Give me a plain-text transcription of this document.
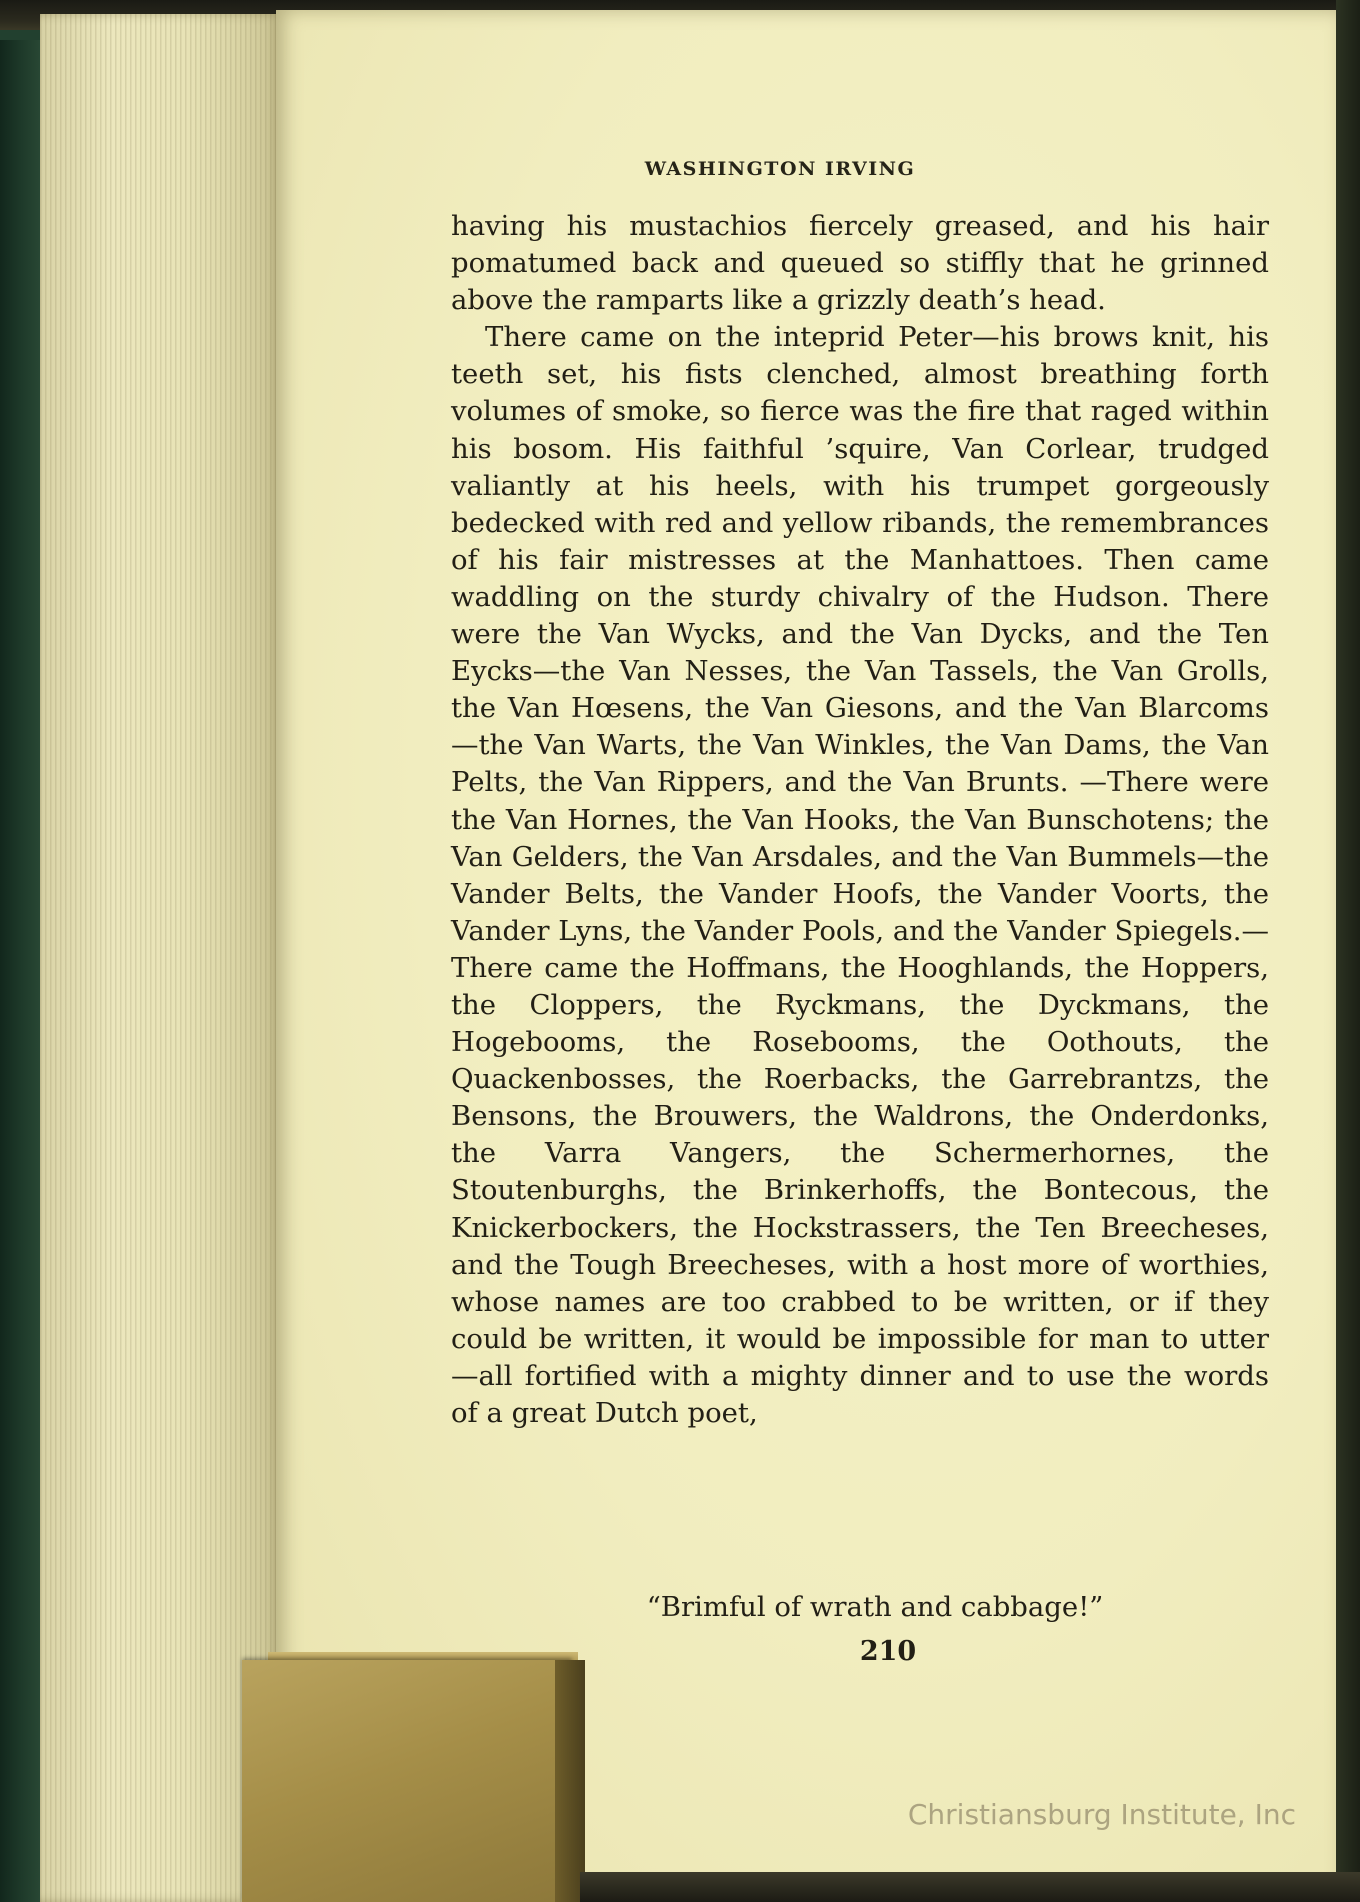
WASHINGTON IRVING

having his mustachios fiercely greased, and his hair pomatumed back and queued so stiffly that he grinned above the ramparts like a grizzly death’s head.

There came on the inteprid Peter—his brows knit, his teeth set, his fists clenched, almost breathing forth volumes of smoke, so fierce was the fire that raged within his bosom. His faithful ’squire, Van Corlear, trudged valiantly at his heels, with his trumpet gorgeously bedecked with red and yellow ribands, the remembrances of his fair mistresses at the Manhattoes. Then came waddling on the sturdy chivalry of the Hudson. There were the Van Wycks, and the Van Dycks, and the Ten Eycks—the Van Nesses, the Van Tassels, the Van Grolls, the Van Hœsens, the Van Giesons, and the Van Blarcoms—the Van Warts, the Van Winkles, the Van Dams, the Van Pelts, the Van Rippers, and the Van Brunts. —There were the Van Hornes, the Van Hooks, the Van Bunschotens; the Van Gelders, the Van Arsdales, and the Van Bummels—the Vander Belts, the Vander Hoofs, the Vander Voorts, the Vander Lyns, the Vander Pools, and the Vander Spiegels.—There came the Hoffmans, the Hooghlands, the Hoppers, the Cloppers, the Ryckmans, the Dyckmans, the Hogebooms, the Rosebooms, the Oothouts, the Quackenbosses, the Roerbacks, the Garrebrantzs, the Bensons, the Brouwers, the Waldrons, the Onderdonks, the Varra Vangers, the Schermerhornes, the Stoutenburghs, the Brinkerhoffs, the Bontecous, the Knickerbockers, the Hockstrassers, the Ten Breecheses, and the Tough Breecheses, with a host more of worthies, whose names are too crabbed to be written, or if they could be written, it would be impossible for man to utter—all fortified with a mighty dinner and to use the words of a great Dutch poet,

“Brimful of wrath and cabbage!”
210
Christiansburg Institute, Inc
